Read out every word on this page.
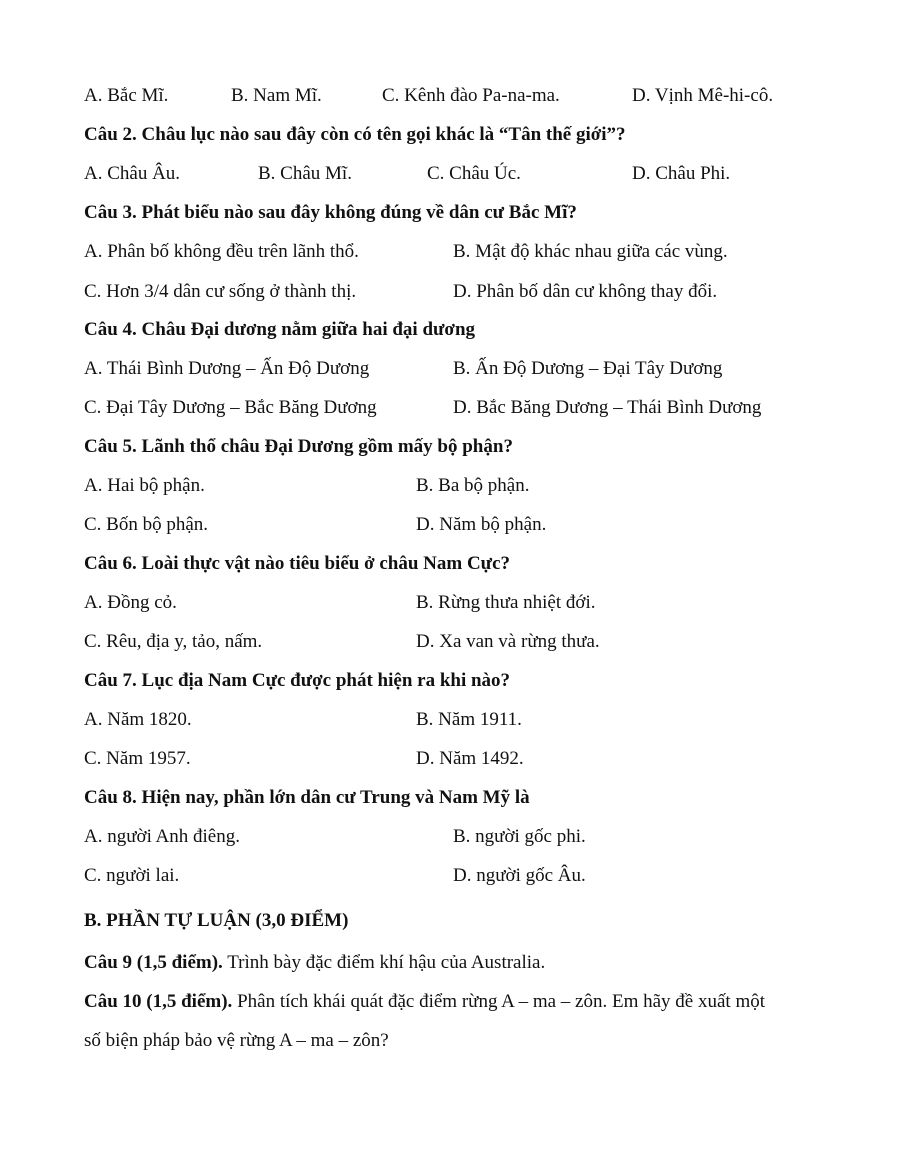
A. Bắc Mĩ.	B. Nam Mĩ.	C. Kênh đào Pa-na-ma.	D. Vịnh Mê-hi-cô.
Câu 2. Châu lục nào sau đây còn có tên gọi khác là “Tân thế giới”?
A. Châu Âu.	B. Châu Mĩ.	C. Châu Úc.	D. Châu Phi.
Câu 3. Phát biểu nào sau đây không đúng về dân cư Bắc Mĩ?
A. Phân bố không đều trên lãnh thổ.	B. Mật độ khác nhau giữa các vùng.
C. Hơn 3/4 dân cư sống ở thành thị.	D. Phân bố dân cư không thay đổi.
Câu 4. Châu Đại dương nằm giữa hai đại dương
A. Thái Bình Dương – Ấn Độ Dương	B. Ấn Độ Dương – Đại Tây Dương
C. Đại Tây Dương – Bắc Băng Dương	D. Bắc Băng Dương – Thái Bình Dương
Câu 5. Lãnh thổ châu Đại Dương gồm mấy bộ phận?
A. Hai bộ phận.	B. Ba bộ phận.
C. Bốn bộ phận.	D. Năm bộ phận.
Câu 6. Loài thực vật nào tiêu biểu ở châu Nam Cực?
A. Đồng cỏ.	B. Rừng thưa nhiệt đới.
C. Rêu, địa y, tảo, nấm.	D. Xa van và rừng thưa.
Câu 7. Lục địa Nam Cực được phát hiện ra khi nào?
A. Năm 1820.	B. Năm 1911.
C. Năm 1957.	D. Năm 1492.
Câu 8. Hiện nay, phần lớn dân cư Trung và Nam Mỹ là
A. người Anh điêng.	B. người gốc phi.
C. người lai.	D. người gốc Âu.
B. PHẦN TỰ LUẬN (3,0 ĐIỂM)
Câu 9 (1,5 điểm). Trình bày đặc điểm khí hậu của Australia.
Câu 10 (1,5 điểm). Phân tích khái quát đặc điểm rừng A – ma – zôn. Em hãy đề xuất một
số biện pháp bảo vệ rừng A – ma – zôn?
